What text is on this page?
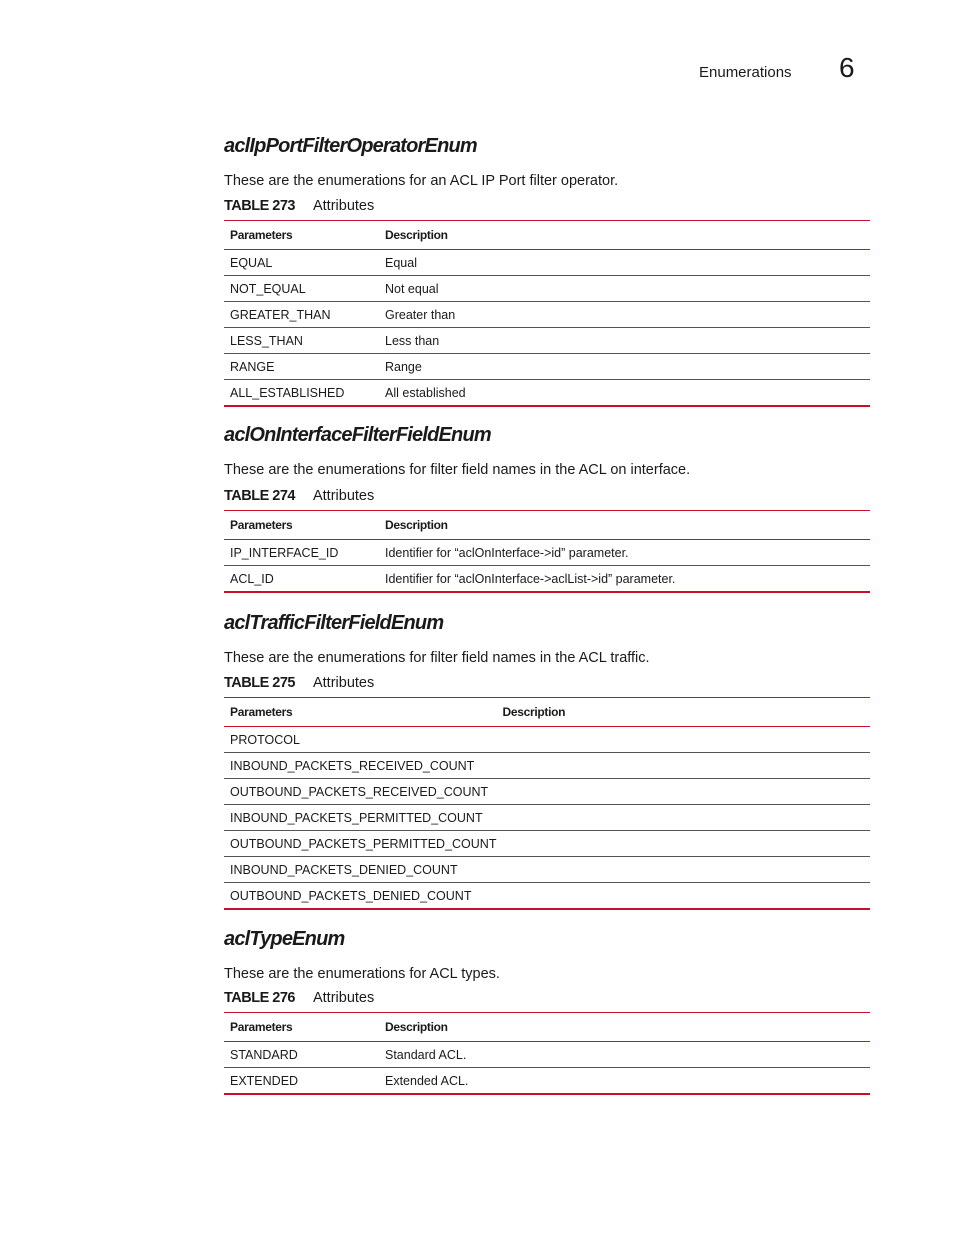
Enumerations 6
aclIpPortFilterOperatorEnum

These are the enumerations for an ACL IP Port filter operator.

TABLE 273 Attributes
Parameters	Description
EQUAL	Equal
NOT_EQUAL	Not equal
GREATER_THAN	Greater than
LESS_THAN	Less than
RANGE	Range
ALL_ESTABLISHED	All established
aclOnInterfaceFilterFieldEnum

These are the enumerations for filter field names in the ACL on interface.

TABLE 274 Attributes
Parameters	Description
IP_INTERFACE_ID	Identifier for “aclOnInterface->id” parameter.
ACL_ID	Identifier for “aclOnInterface->aclList->id” parameter.
aclTrafficFilterFieldEnum

These are the enumerations for filter field names in the ACL traffic.

TABLE 275 Attributes
Parameters	Description
PROTOCOL	
INBOUND_PACKETS_RECEIVED_COUNT	
OUTBOUND_PACKETS_RECEIVED_COUNT	
INBOUND_PACKETS_PERMITTED_COUNT	
OUTBOUND_PACKETS_PERMITTED_COUNT	
INBOUND_PACKETS_DENIED_COUNT	
OUTBOUND_PACKETS_DENIED_COUNT	
aclTypeEnum

These are the enumerations for ACL types.

TABLE 276 Attributes
Parameters	Description
STANDARD	Standard ACL.
EXTENDED	Extended ACL.
